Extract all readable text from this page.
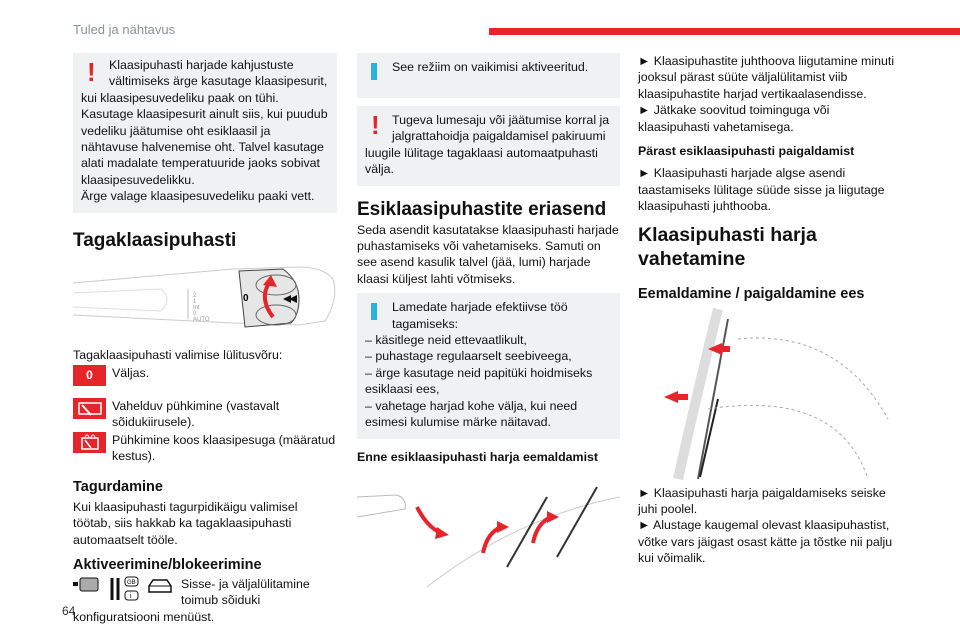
Tuled ja nähtavus
64
!	Klaasipuhasti harjade kahjustuste vältimiseks ärge kasutage klaasipesurit,

kui klaasipesuvedeliku paak on tühi. Kasutage klaasipesurit ainult siis, kui puudub vedeliku jäätumise oht esiklaasil ja nähtavuse halvenemise oht. Talvel kasutage alati madalate temperatuuride jaoks sobivat klaasipesuvedelikku.

Ärge valage klaasipesuvedeliku paaki vett.

Tagaklaasipuhasti
2
1
Int
0
AUTO
0

Tagaklaasipuhasti valimise lülitusvõru:

0	Väljas.

Vahelduv pühkimine (vastavalt sõidukiirusele).

Pühkimine koos klaasipesuga (määratud kestus).

Tagurdamine

Kui klaasipuhasti tagurpidikäigu valimisel töötab, siis hakkab ka tagaklaasipuhasti automaatselt tööle.

Aktiveerimine/blokeerimine
GB
i

Sisse- ja väljalülitamine toimub sõiduki

konfiguratsiooni menüüst.

See režiim on vaikimisi aktiveeritud.

! Tugeva lumesaju või jäätumise korral ja jalgrattahoidja paigaldamisel pakiruumi

luugile lülitage tagaklaasi automaatpuhasti välja.

Esiklaasipuhastite eriasend

Seda asendit kasutatakse klaasipuhasti harjade puhastamiseks või vahetamiseks. Samuti on see asend kasulik talvel (jää, lumi) harjade klaasi küljest lahti võtmiseks.

Lamedate harjade efektiivse töö tagamiseks:

– käsitlege neid ettevaatlikult,

– puhastage regulaarselt seebiveega,

– ärge kasutage neid papitüki hoidmiseks esiklaasi ees,

– vahetage harjad kohe välja, kui need esimesi kulumise märke näitavad.

Enne esiklaasipuhasti harja eemaldamist

► Klaasipuhastite juhthoova liigutamine minuti jooksul pärast süüte väljalülitamist viib klaasipuhastite harjad vertikaalasendisse.

► Jätkake soovitud toiminguga või klaasipuhasti vahetamisega.

Pärast esiklaasipuhasti paigaldamist

► Klaasipuhasti harjade algse asendi taastamiseks lülitage süüde sisse ja liigutage klaasipuhasti juhthooba.

Klaasipuhasti harja vahetamine
Eemaldamine / paigaldamine ees

► Klaasipuhasti harja paigaldamiseks seiske juhi poolel.

► Alustage kaugemal olevast klaasipuhastist, võtke vars jäigast osast kätte ja tõstke nii palju kui võimalik.
